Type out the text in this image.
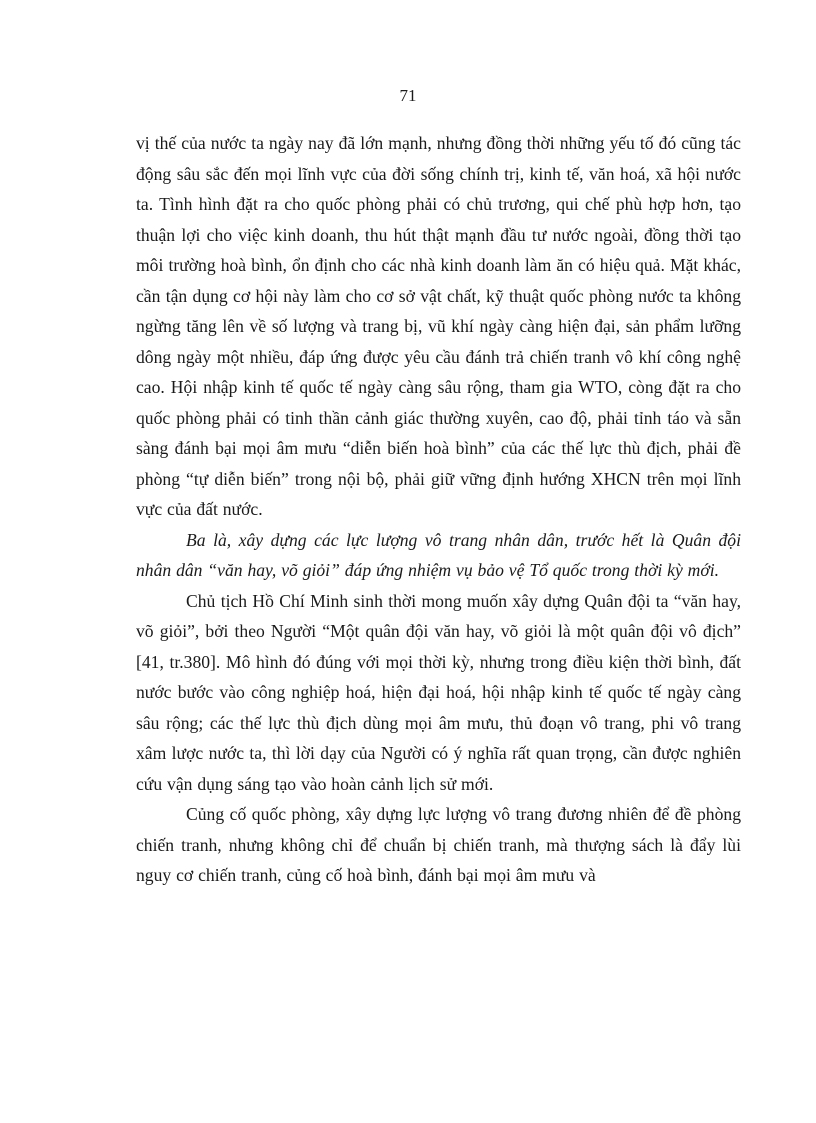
71

vị thế của nước ta ngày nay đã lớn mạnh, nhưng đồng thời những yếu tố đó cũng tác động sâu sắc đến mọi lĩnh vực của đời sống chính trị, kinh tế, văn hoá, xã hội nước ta. Tình hình đặt ra cho quốc phòng phải có chủ trương, qui chế phù hợp hơn, tạo thuận lợi cho việc kinh doanh, thu hút thật mạnh đầu tư nước ngoài, đồng thời tạo môi trường hoà bình, ổn định cho các nhà kinh doanh làm ăn có hiệu quả. Mặt khác, cần tận dụng cơ hội này làm cho cơ sở vật chất, kỹ thuật quốc phòng nước ta không ngừng tăng lên về số lượng và trang bị, vũ khí ngày càng hiện đại, sản phẩm lưỡng dông ngày một nhiều, đáp ứng được yêu cầu đánh trả chiến tranh vô khí công nghệ cao. Hội nhập kinh tế quốc tế ngày càng sâu rộng, tham gia WTO, còng đặt ra cho quốc phòng phải có tinh thần cảnh giác thường xuyên, cao độ, phải tỉnh táo và sẵn sàng đánh bại mọi âm mưu “diễn biến hoà bình” của các thế lực thù địch, phải đề phòng “tự diễn biến” trong nội bộ, phải giữ vững định hướng XHCN trên mọi lĩnh vực của đất nước.

Ba là, xây dựng các lực lượng vô trang nhân dân, trước hết là Quân đội nhân dân “văn hay, võ giỏi” đáp ứng nhiệm vụ bảo vệ Tổ quốc trong thời kỳ mới.

Chủ tịch Hồ Chí Minh sinh thời mong muốn xây dựng Quân đội ta “văn hay, võ giỏi”, bởi theo Người “Một quân đội văn hay, võ giỏi là một quân đội vô địch” [41, tr.380]. Mô hình đó đúng với mọi thời kỳ, nhưng trong điều kiện thời bình, đất nước bước vào công nghiệp hoá, hiện đại hoá, hội nhập kinh tế quốc tế ngày càng sâu rộng; các thế lực thù địch dùng mọi âm mưu, thủ đoạn vô trang, phi vô trang xâm lược nước ta, thì lời dạy của Người có ý nghĩa rất quan trọng, cần được nghiên cứu vận dụng sáng tạo vào hoàn cảnh lịch sử mới.

Củng cố quốc phòng, xây dựng lực lượng vô trang đương nhiên để đề phòng chiến tranh, nhưng không chỉ để chuẩn bị chiến tranh, mà thượng sách là đẩy lùi nguy cơ chiến tranh, củng cố hoà bình, đánh bại mọi âm mưu và
